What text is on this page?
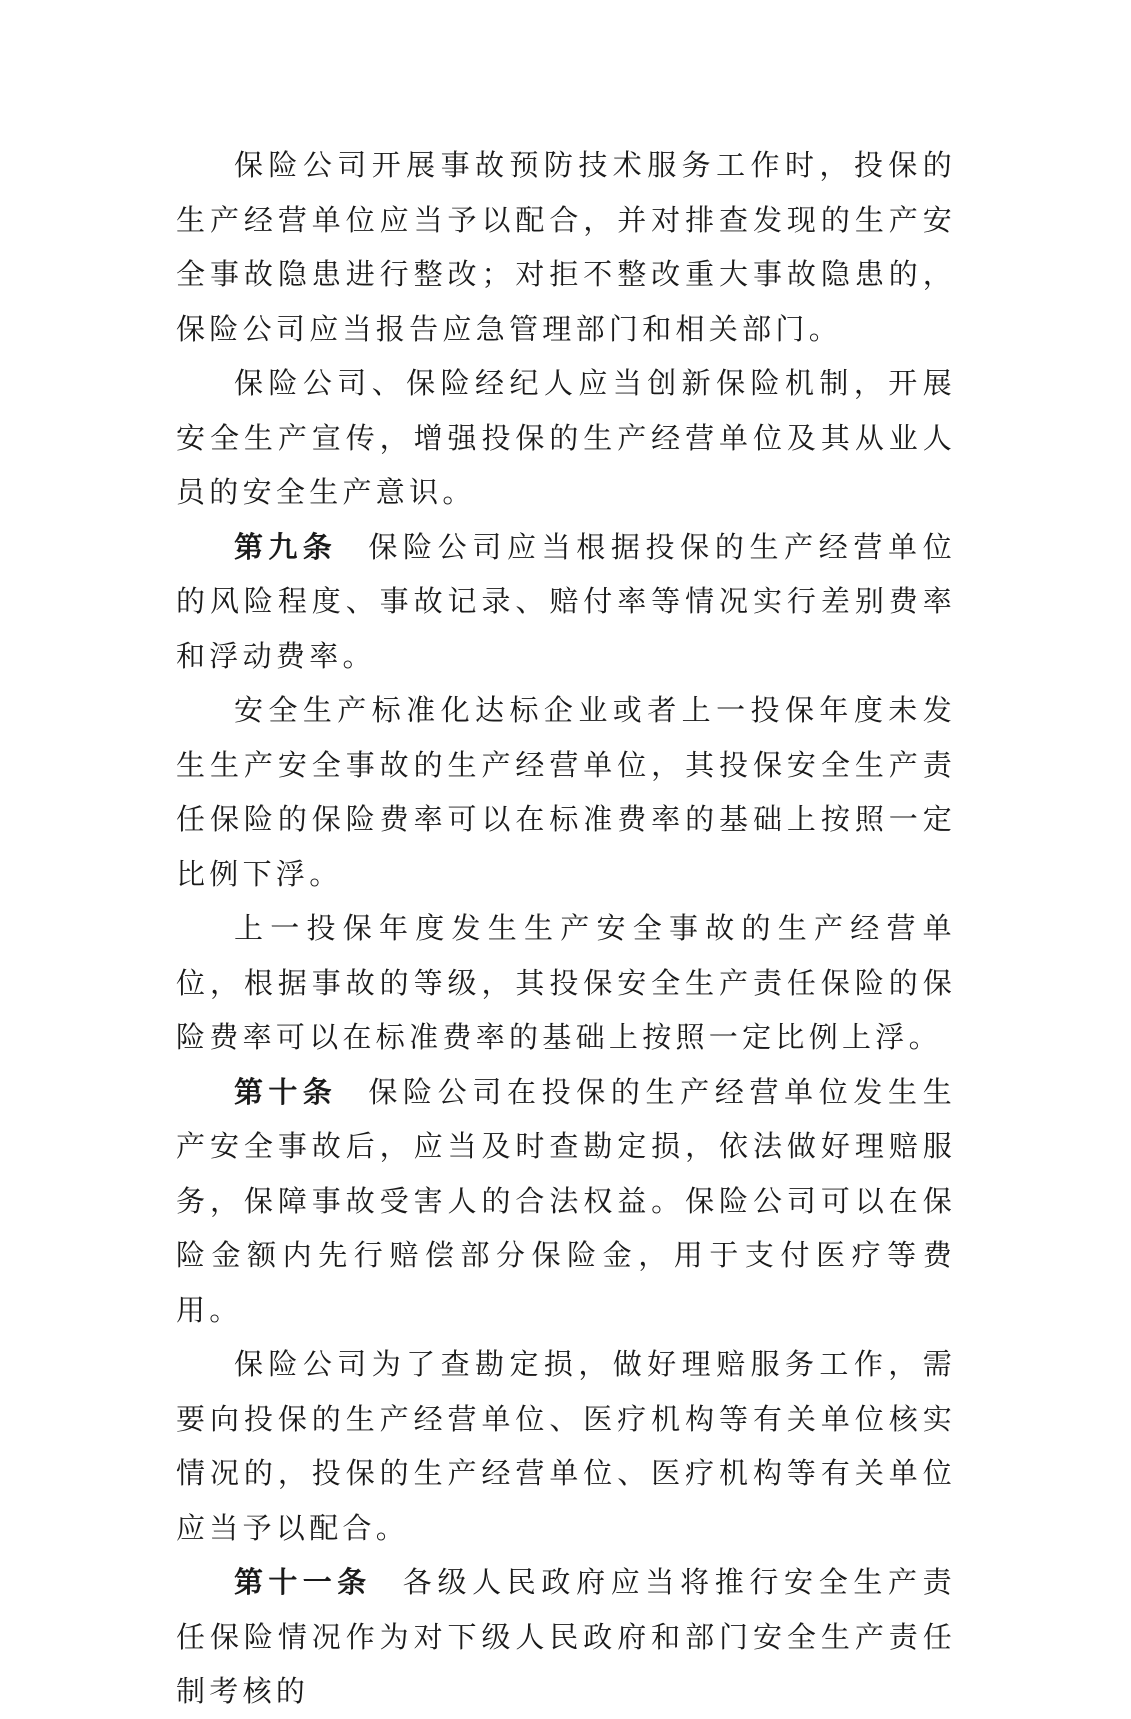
保险公司开展事故预防技术服务工作时，投保的生产经营单位应当予以配合，并对排查发现的生产安全事故隐患进行整改；对拒不整改重大事故隐患的，保险公司应当报告应急管理部门和相关部门。

保险公司、保险经纪人应当创新保险机制，开展安全生产宣传，增强投保的生产经营单位及其从业人员的安全生产意识。

第九条 保险公司应当根据投保的生产经营单位的风险程度、事故记录、赔付率等情况实行差别费率和浮动费率。

安全生产标准化达标企业或者上一投保年度未发生生产安全事故的生产经营单位，其投保安全生产责任保险的保险费率可以在标准费率的基础上按照一定比例下浮。

上一投保年度发生生产安全事故的生产经营单位，根据事故的等级，其投保安全生产责任保险的保险费率可以在标准费率的基础上按照一定比例上浮。

第十条 保险公司在投保的生产经营单位发生生产安全事故后，应当及时查勘定损，依法做好理赔服务，保障事故受害人的合法权益。保险公司可以在保险金额内先行赔偿部分保险金，用于支付医疗等费用。

保险公司为了查勘定损，做好理赔服务工作，需要向投保的生产经营单位、医疗机构等有关单位核实情况的，投保的生产经营单位、医疗机构等有关单位应当予以配合。

第十一条 各级人民政府应当将推行安全生产责任保险情况作为对下级人民政府和部门安全生产责任制考核的
